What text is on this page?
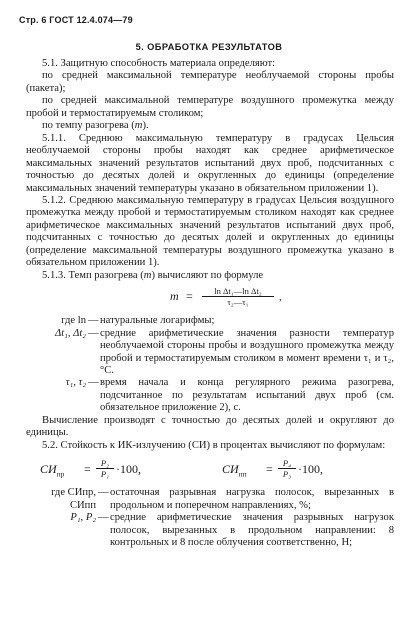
Стр. 6 ГОСТ 12.4.074—79
5. ОБРАБОТКА РЕЗУЛЬТАТОВ

5.1. Защитную способность материала определяют:

по средней максимальной температуре необлучаемой стороны пробы (пакета);

по средней максимальной температуре воздушного промежутка между пробой и термостатируемым столиком;

по темпу разогрева (m).

5.1.1. Среднюю максимальную температуру в градусах Цельсия необлучаемой стороны пробы находят как среднее арифметическое максимальных значений результатов испытаний двух проб, подсчитанных с точностью до десятых долей и округленных до единицы (определение максимальных значений температуры указано в обязательном приложении 1).

5.1.2. Среднюю максимальную температуру в градусах Цельсия воздушного промежутка между пробой и термостатируемым столиком находят как среднее арифметическое максимальных значений результатов испытаний двух проб, подсчитанных с точностью до десятых долей и округленных до единицы (определение максимальной температуры воздушного промежутка указано в обязательном приложении 1).

5.1.3. Темп разогрева (m) вычисляют по формуле

$m = \frac{\text{ln Δt₁—ln Δt₂}}{\text{τ₂—τ₁}}$ ,

где ln — натуральные логарифмы;

Δt₁, Δt₂ — средние арифметические значения разности температур необлучаемой стороны пробы и воздушного промежутка между пробой и термостатируемым столиком в момент времени τ₁ и τ₂,°С.

τ₁, τ₂ — время начала и конца регулярного режима разогрева, подсчитанное по результатам испытаний двух проб (см. обязательное приложение 2), с.

Вычисление производят с точностью до десятых долей и округляют до единицы.

5.2. Стойкость к ИК-излучению (СИ) в процентах вычисляют по формулам:

$СИ_{пр} = \frac{\text{P₂}}{\text{P₁}} \cdot 100$,	$СИ_{пп} = \frac{\text{P₄}}{\text{P₃}} \cdot 100$,

где СИпр, СИпп
— остаточная разрывная нагрузка полосок, вырезанных в продольном и поперечном направлениях, %;

P₁, P₂ — средние арифметические значения разрывных нагрузок полосок, вырезанных в продольном направлении: 8 контрольных и 8 после облучения соответственно, Н;
